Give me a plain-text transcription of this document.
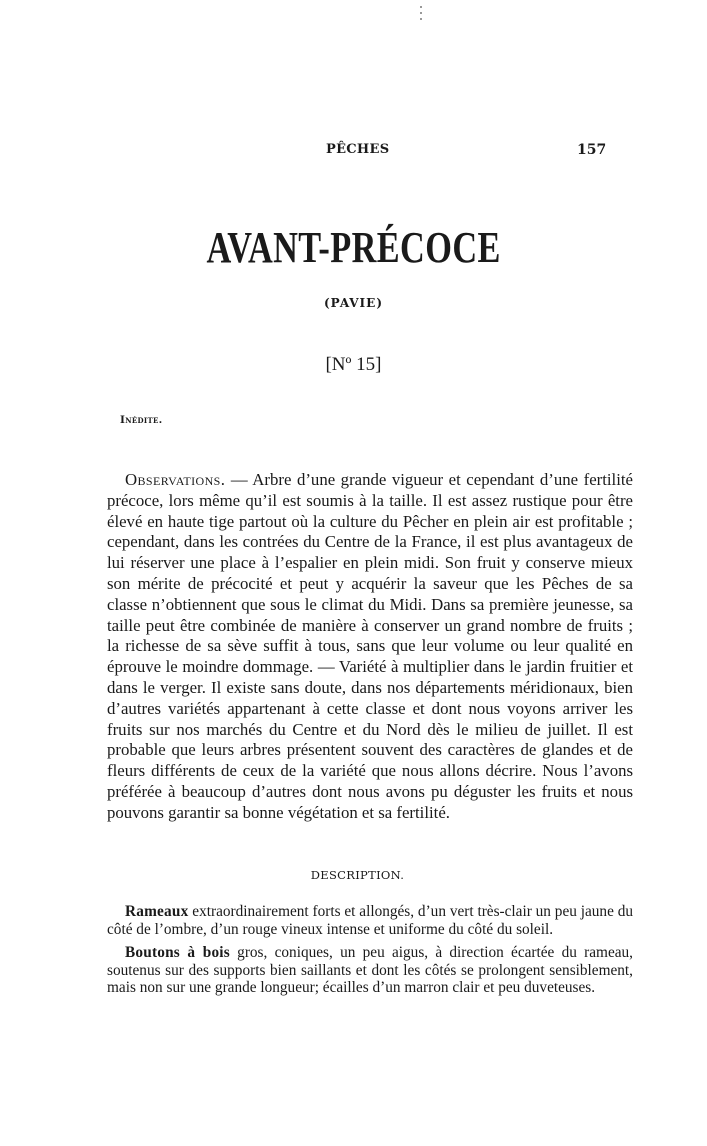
PÊCHES	157
AVANT-PRÉCOCE
(PAVIE)
[Nº 15]
Inédite.
Observations. — Arbre d’une grande vigueur et cependant d’une fertilité précoce, lors même qu’il est soumis à la taille. Il est assez rustique pour être élevé en haute tige partout où la culture du Pêcher en plein air est profitable ; cependant, dans les contrées du Centre de la France, il est plus avantageux de lui réserver une place à l’espalier en plein midi. Son fruit y conserve mieux son mérite de précocité et peut y acquérir la saveur que les Pêches de sa classe n’obtiennent que sous le climat du Midi. Dans sa première jeunesse, sa taille peut être combinée de manière à conserver un grand nombre de fruits ; la richesse de sa sève suffit à tous, sans que leur volume ou leur qualité en éprouve le moindre dommage. — Variété à multiplier dans le jardin fruitier et dans le verger. Il existe sans doute, dans nos départements méridionaux, bien d’autres variétés appartenant à cette classe et dont nous voyons arriver les fruits sur nos marchés du Centre et du Nord dès le milieu de juillet. Il est probable que leurs arbres présentent souvent des caractères de glandes et de fleurs différents de ceux de la variété que nous allons décrire. Nous l’avons préférée à beaucoup d’autres dont nous avons pu déguster les fruits et nous pouvons garantir sa bonne végétation et sa fertilité.
DESCRIPTION.

Rameaux extraordinairement forts et allongés, d’un vert très-clair un peu jaune du côté de l’ombre, d’un rouge vineux intense et uniforme du côté du soleil.

Boutons à bois gros, coniques, un peu aigus, à direction écartée du rameau, soutenus sur des supports bien saillants et dont les côtés se prolongent sensiblement, mais non sur une grande longueur; écailles d’un marron clair et peu duveteuses.
